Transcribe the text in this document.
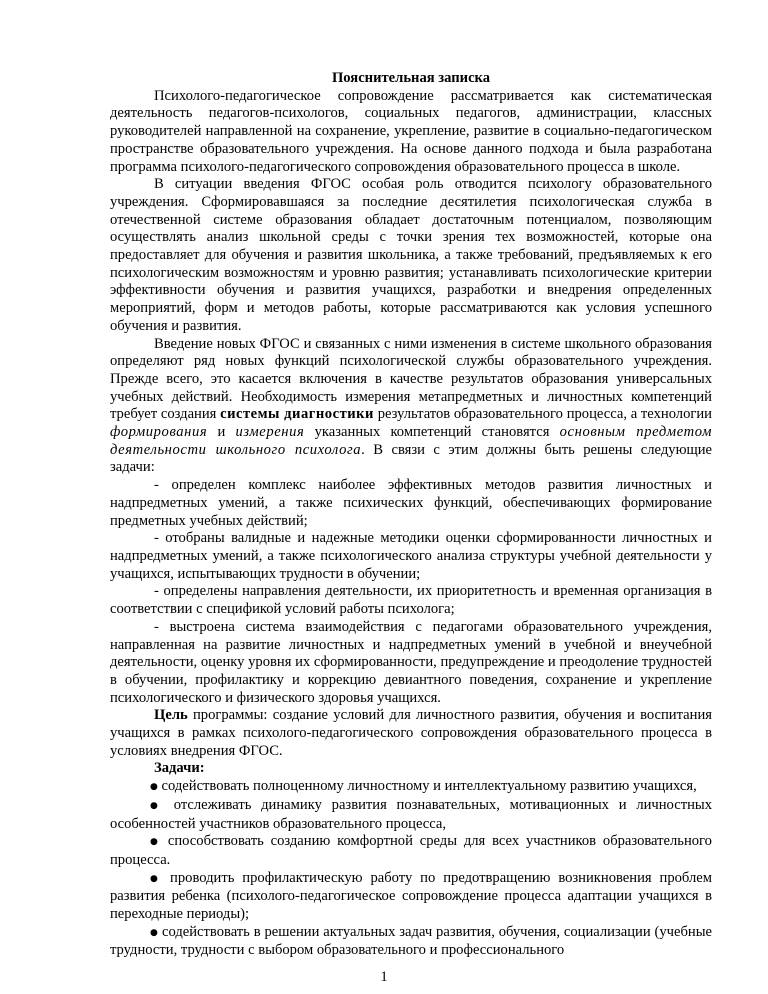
Пояснительная записка

Психолого-педагогическое сопровождение рассматривается как систематическая деятельность педагогов-психологов, социальных педагогов, администрации, классных руководителей направленной на сохранение, укрепление, развитие в социально-педагогическом пространстве образовательного учреждения. На основе данного подхода и была разработана программа психолого-педагогического сопровождения образовательного процесса в школе.

В ситуации введения ФГОС особая роль отводится психологу образовательного учреждения. Сформировавшаяся за последние десятилетия психологическая служба в отечественной системе образования обладает достаточным потенциалом, позволяющим осуществлять анализ школьной среды с точки зрения тех возможностей, которые она предоставляет для обучения и развития школьника, а также требований, предъявляемых к его психологическим возможностям и уровню развития; устанавливать психологические критерии эффективности обучения и развития учащихся, разработки и внедрения определенных мероприятий, форм и методов работы, которые рассматриваются как условия успешного обучения и развития.

Введение новых ФГОС и связанных с ними изменения в системе школьного образования определяют ряд новых функций психологической службы образовательного учреждения. Прежде всего, это касается включения в качестве результатов образования универсальных учебных действий. Необходимость измерения метапредметных и личностных компетенций требует создания системы диагностики результатов образовательного процесса, а технологии формирования и измерения указанных компетенций становятся основным предметом деятельности школьного психолога. В связи с этим должны быть решены следующие задачи:

- определен комплекс наиболее эффективных методов развития личностных и надпредметных умений, а также психических функций, обеспечивающих формирование предметных учебных действий;

- отобраны валидные и надежные методики оценки сформированности личностных и надпредметных умений, а также психологического анализа структуры учебной деятельности у учащихся, испытывающих трудности в обучении;

- определены направления деятельности, их приоритетность и временная организация в соответствии с спецификой условий работы психолога;

- выстроена система взаимодействия с педагогами образовательного учреждения, направленная на развитие личностных и надпредметных умений в учебной и внеучебной деятельности, оценку уровня их сформированности, предупреждение и преодоление трудностей в обучении, профилактику и коррекцию девиантного поведения, сохранение и укрепление психологического и физического здоровья учащихся.

Цель программы: создание условий для личностного развития, обучения и воспитания учащихся в рамках психолого-педагогического сопровождения образовательного процесса в условиях внедрения ФГОС.

Задачи:

● содействовать полноценному личностному и интеллектуальному развитию учащихся,

● отслеживать динамику развития познавательных, мотивационных и личностных особенностей участников образовательного процесса,

● способствовать созданию комфортной среды для всех участников образовательного процесса.

● проводить профилактическую работу по предотвращению возникновения проблем развития ребенка (психолого-педагогическое сопровождение процесса адаптации учащихся в переходные периоды);

● содействовать в решении актуальных задач развития, обучения, социализации (учебные трудности, трудности с выбором образовательного и профессионального

1
